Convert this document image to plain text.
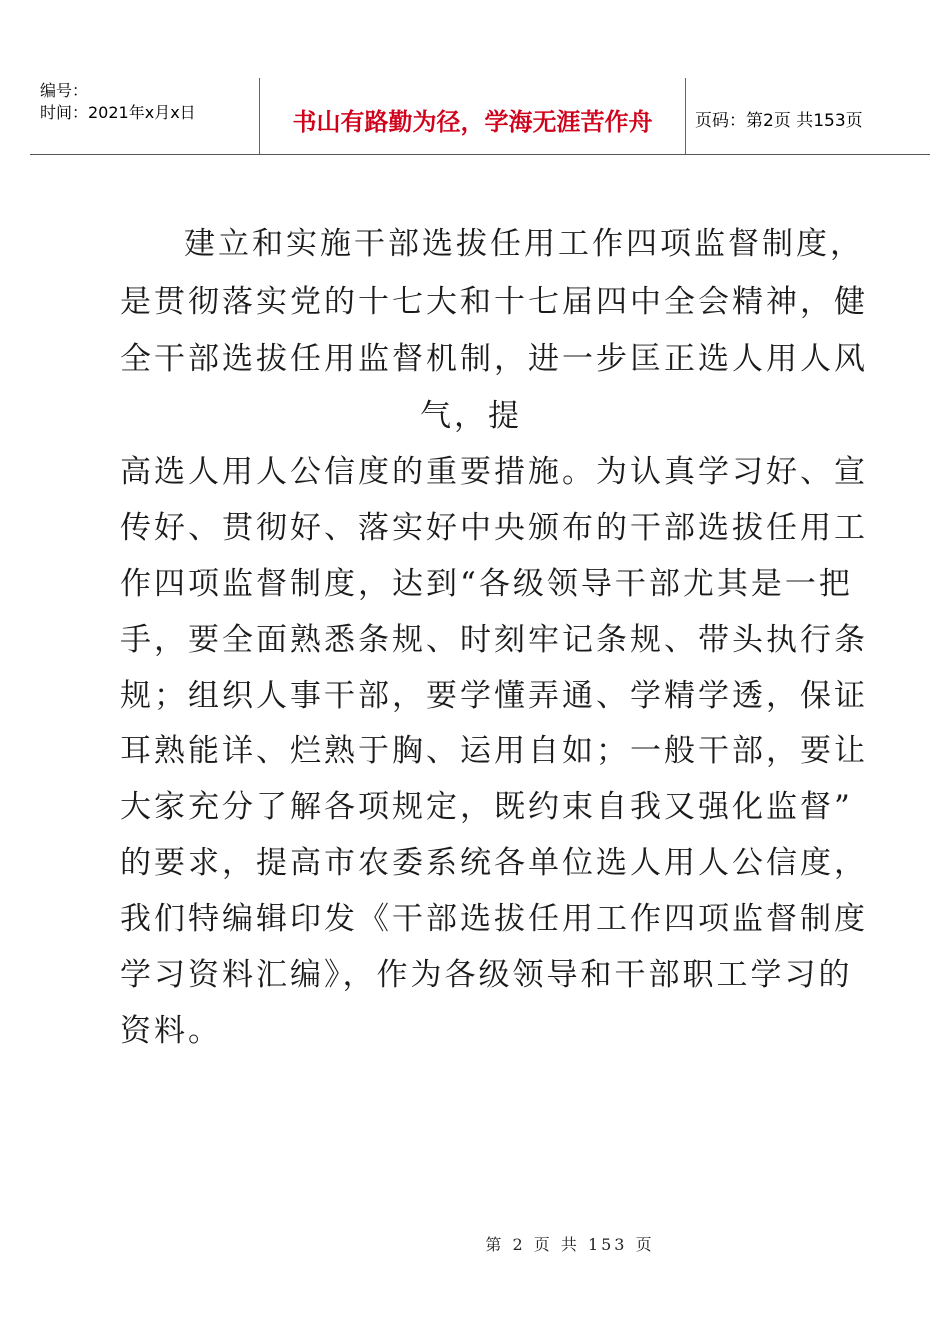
编号：
时间：2021年x月x日	书山有路勤为径，学海无涯苦作舟	页码：第2页 共153页
建立和实施干部选拔任用工作四项监督制度，
是贯彻落实党的十七大和十七届四中全会精神，健
全干部选拔任用监督机制，进一步匡正选人用人风
气，提
高选人用人公信度的重要措施。为认真学习好、宣
传好、贯彻好、落实好中央颁布的干部选拔任用工
作四项监督制度，达到“各级领导干部尤其是一把
手，要全面熟悉条规、时刻牢记条规、带头执行条
规；组织人事干部，要学懂弄通、学精学透，保证
耳熟能详、烂熟于胸、运用自如；一般干部，要让
大家充分了解各项规定，既约束自我又强化监督”
的要求，提高市农委系统各单位选人用人公信度，
我们特编辑印发《干部选拔任用工作四项监督制度
学习资料汇编》，作为各级领导和干部职工学习的
资料。
第 2 页 共 153 页
